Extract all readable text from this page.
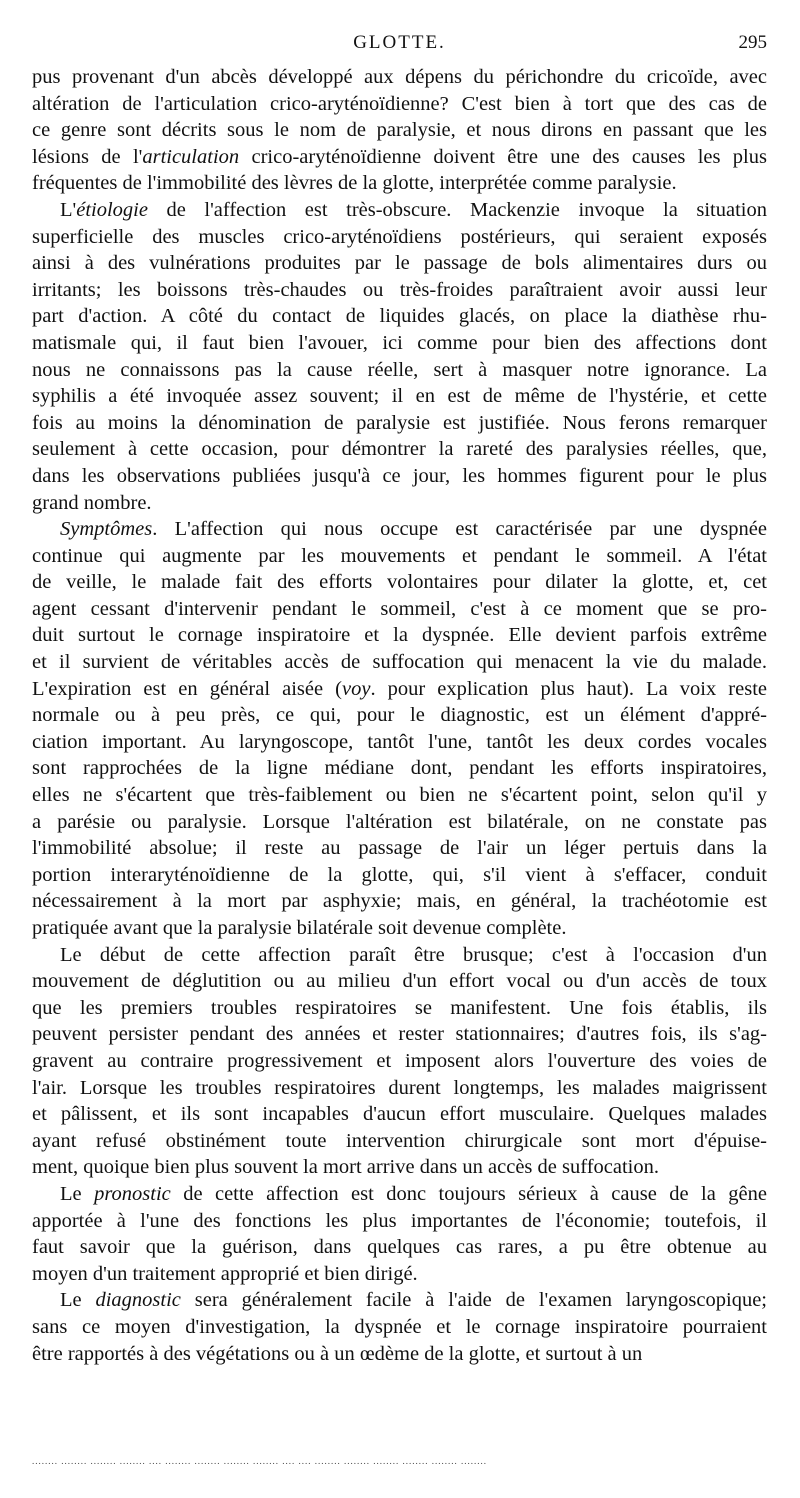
GLOTTE.	295
pus provenant d'un abcès développé aux dépens du périchondre du cricoïde, avec
altération de l'articulation crico-aryténoïdienne? C'est bien à tort que des cas de
ce genre sont décrits sous le nom de paralysie, et nous dirons en passant que les
lésions de l'articulation crico-aryténoïdienne doivent être une des causes les plus
fréquentes de l'immobilité des lèvres de la glotte, interprétée comme paralysie.
L'étiologie de l'affection est très-obscure. Mackenzie invoque la situation
superficielle des muscles crico-aryténoïdiens postérieurs, qui seraient exposés
ainsi à des vulnérations produites par le passage de bols alimentaires durs ou
irritants; les boissons très-chaudes ou très-froides paraîtraient avoir aussi leur
part d'action. A côté du contact de liquides glacés, on place la diathèse rhu-
matismale qui, il faut bien l'avouer, ici comme pour bien des affections dont
nous ne connaissons pas la cause réelle, sert à masquer notre ignorance. La
syphilis a été invoquée assez souvent; il en est de même de l'hystérie, et cette
fois au moins la dénomination de paralysie est justifiée. Nous ferons remarquer
seulement à cette occasion, pour démontrer la rareté des paralysies réelles, que,
dans les observations publiées jusqu'à ce jour, les hommes figurent pour le plus
grand nombre.
Symptômes. L'affection qui nous occupe est caractérisée par une dyspnée
continue qui augmente par les mouvements et pendant le sommeil. A l'état
de veille, le malade fait des efforts volontaires pour dilater la glotte, et, cet
agent cessant d'intervenir pendant le sommeil, c'est à ce moment que se pro-
duit surtout le cornage inspiratoire et la dyspnée. Elle devient parfois extrême
et il survient de véritables accès de suffocation qui menacent la vie du malade.
L'expiration est en général aisée (voy. pour explication plus haut). La voix reste
normale ou à peu près, ce qui, pour le diagnostic, est un élément d'appré-
ciation important. Au laryngoscope, tantôt l'une, tantôt les deux cordes vocales
sont rapprochées de la ligne médiane dont, pendant les efforts inspiratoires,
elles ne s'écartent que très-faiblement ou bien ne s'écartent point, selon qu'il y
a parésie ou paralysie. Lorsque l'altération est bilatérale, on ne constate pas
l'immobilité absolue; il reste au passage de l'air un léger pertuis dans la
portion interaryténoïdienne de la glotte, qui, s'il vient à s'effacer, conduit
nécessairement à la mort par asphyxie; mais, en général, la trachéotomie est
pratiquée avant que la paralysie bilatérale soit devenue complète.
Le début de cette affection paraît être brusque; c'est à l'occasion d'un
mouvement de déglutition ou au milieu d'un effort vocal ou d'un accès de toux
que les premiers troubles respiratoires se manifestent. Une fois établis, ils
peuvent persister pendant des années et rester stationnaires; d'autres fois, ils s'ag-
gravent au contraire progressivement et imposent alors l'ouverture des voies de
l'air. Lorsque les troubles respiratoires durent longtemps, les malades maigrissent
et pâlissent, et ils sont incapables d'aucun effort musculaire. Quelques malades
ayant refusé obstinément toute intervention chirurgicale sont mort d'épuise-
ment, quoique bien plus souvent la mort arrive dans un accès de suffocation.
Le pronostic de cette affection est donc toujours sérieux à cause de la gêne
apportée à l'une des fonctions les plus importantes de l'économie; toutefois, il
faut savoir que la guérison, dans quelques cas rares, a pu être obtenue au
moyen d'un traitement approprié et bien dirigé.
Le diagnostic sera généralement facile à l'aide de l'examen laryngoscopique;
sans ce moyen d'investigation, la dyspnée et le cornage inspiratoire pourraient
être rapportés à des végétations ou à un œdème de la glotte, et surtout à un
........ ........ ........ ........ .... ........ ........ ........ ........ .... .... ........ ........ ........ ........ ........ ........
